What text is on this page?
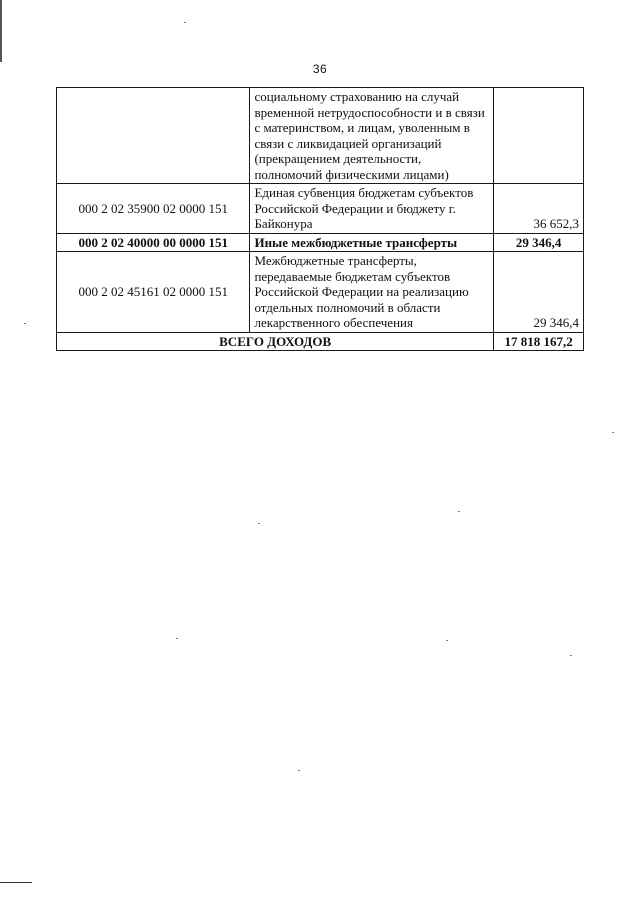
36
	социальному страхованию на случай временной нетрудоспособности и в связи с материнством, и лицам, уволенным в связи с ликвидацией организаций (прекращением деятельности, полномочий физическими лицами)	
000 2 02 35900 02 0000 151	Единая субвенция бюджетам субъектов Российской Федерации и бюджету г. Байконура	36 652,3
000 2 02 40000 00 0000 151	Иные межбюджетные трансферты	29 346,4
000 2 02 45161 02 0000 151	Межбюджетные трансферты, передаваемые бюджетам субъектов Российской Федерации на реализацию отдельных полномочий в области лекарственного обеспечения	29 346,4
ВСЕГО ДОХОДОВ		17 818 167,2
